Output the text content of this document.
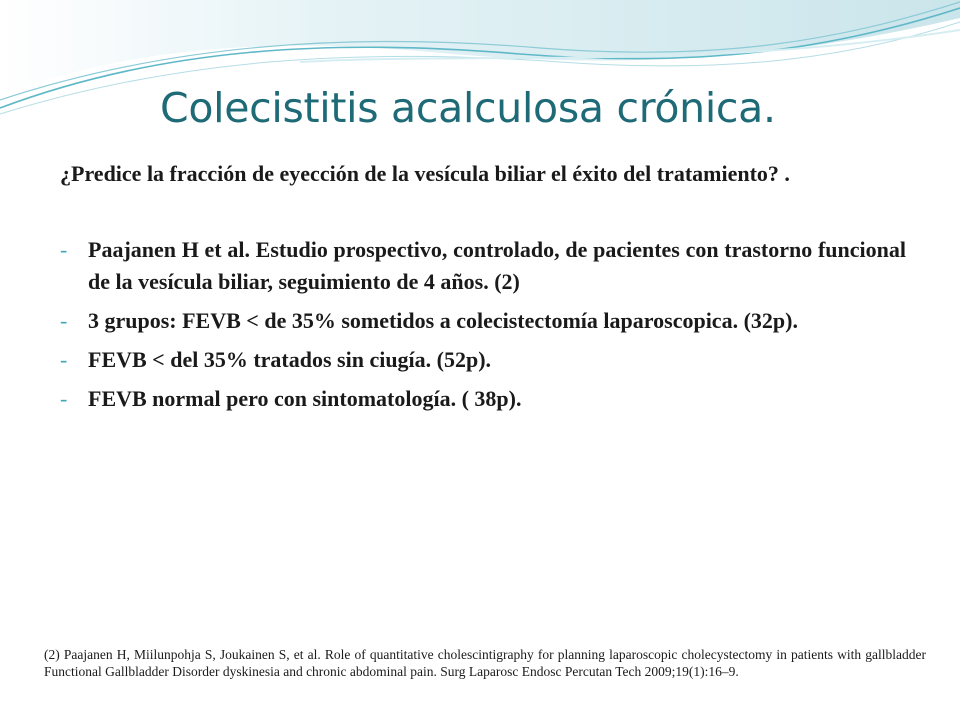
Colecistitis acalculosa crónica.

¿Predice la fracción de eyección de la vesícula biliar el éxito del tratamiento? .

- Paajanen H et al. Estudio prospectivo, controlado, de pacientes con trastorno funcional de la vesícula biliar, seguimiento de 4 años. (2)
- 3 grupos: FEVB < de 35% sometidos a colecistectomía laparoscopica. (32p).
- FEVB < del 35% tratados sin ciugía. (52p).
- FEVB normal pero con sintomatología. ( 38p).

(2) Paajanen H, Miilunpohja S, Joukainen S, et al. Role of quantitative cholescintigraphy for planning laparoscopic cholecystectomy in patients with gallbladder Functional Gallbladder Disorder dyskinesia and chronic abdominal pain. Surg Laparosc Endosc Percutan Tech 2009;19(1):16–9.
